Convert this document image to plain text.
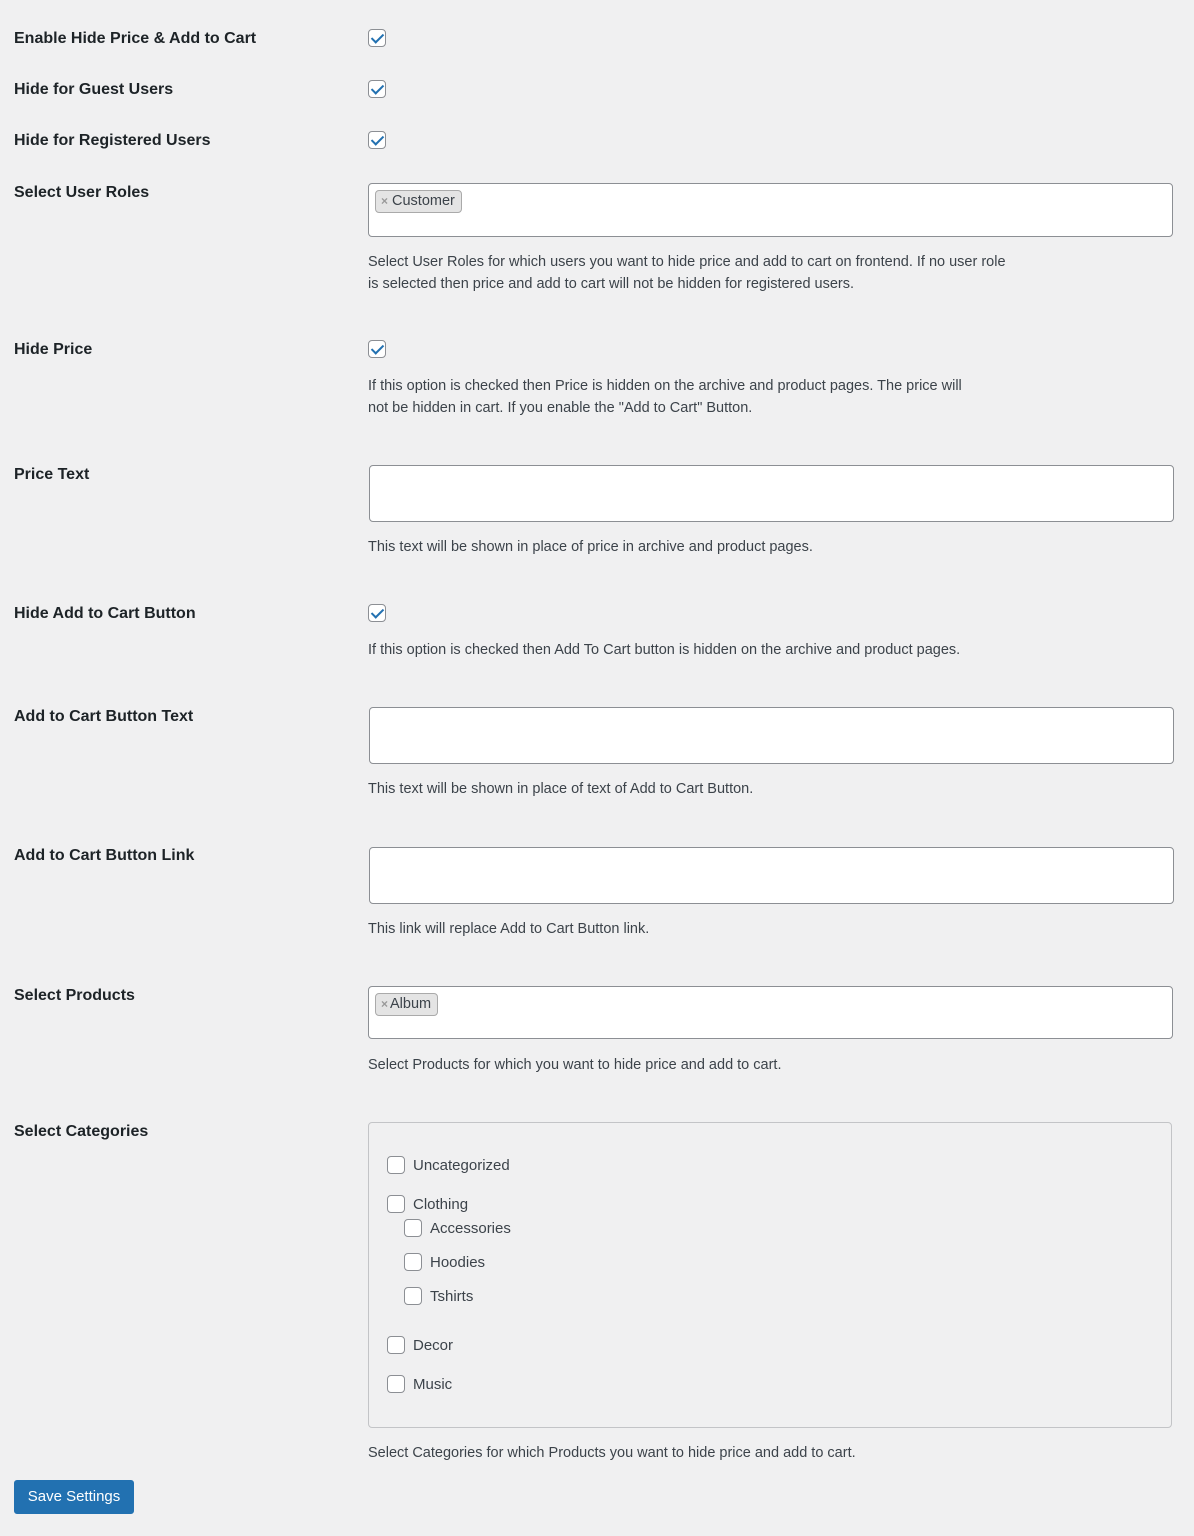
Enable Hide Price & Add to Cart
Hide for Guest Users
Hide for Registered Users
Select User Roles	× Customer
Select User Roles for which users you want to hide price and add to cart on frontend. If no user role
is selected then price and add to cart will not be hidden for registered users.
Hide Price
If this option is checked then Price is hidden on the archive and product pages. The price will
not be hidden in cart. If you enable the "Add to Cart" Button.
Price Text
This text will be shown in place of price in archive and product pages.
Hide Add to Cart Button
If this option is checked then Add To Cart button is hidden on the archive and product pages.
Add to Cart Button Text
This text will be shown in place of text of Add to Cart Button.
Add to Cart Button Link
This link will replace Add to Cart Button link.
Select Products	× Album
Select Products for which you want to hide price and add to cart.
Select Categories
Uncategorized
Clothing
Accessories
Hoodies
Tshirts
Decor
Music
Select Categories for which Products you want to hide price and add to cart.
Save Settings
